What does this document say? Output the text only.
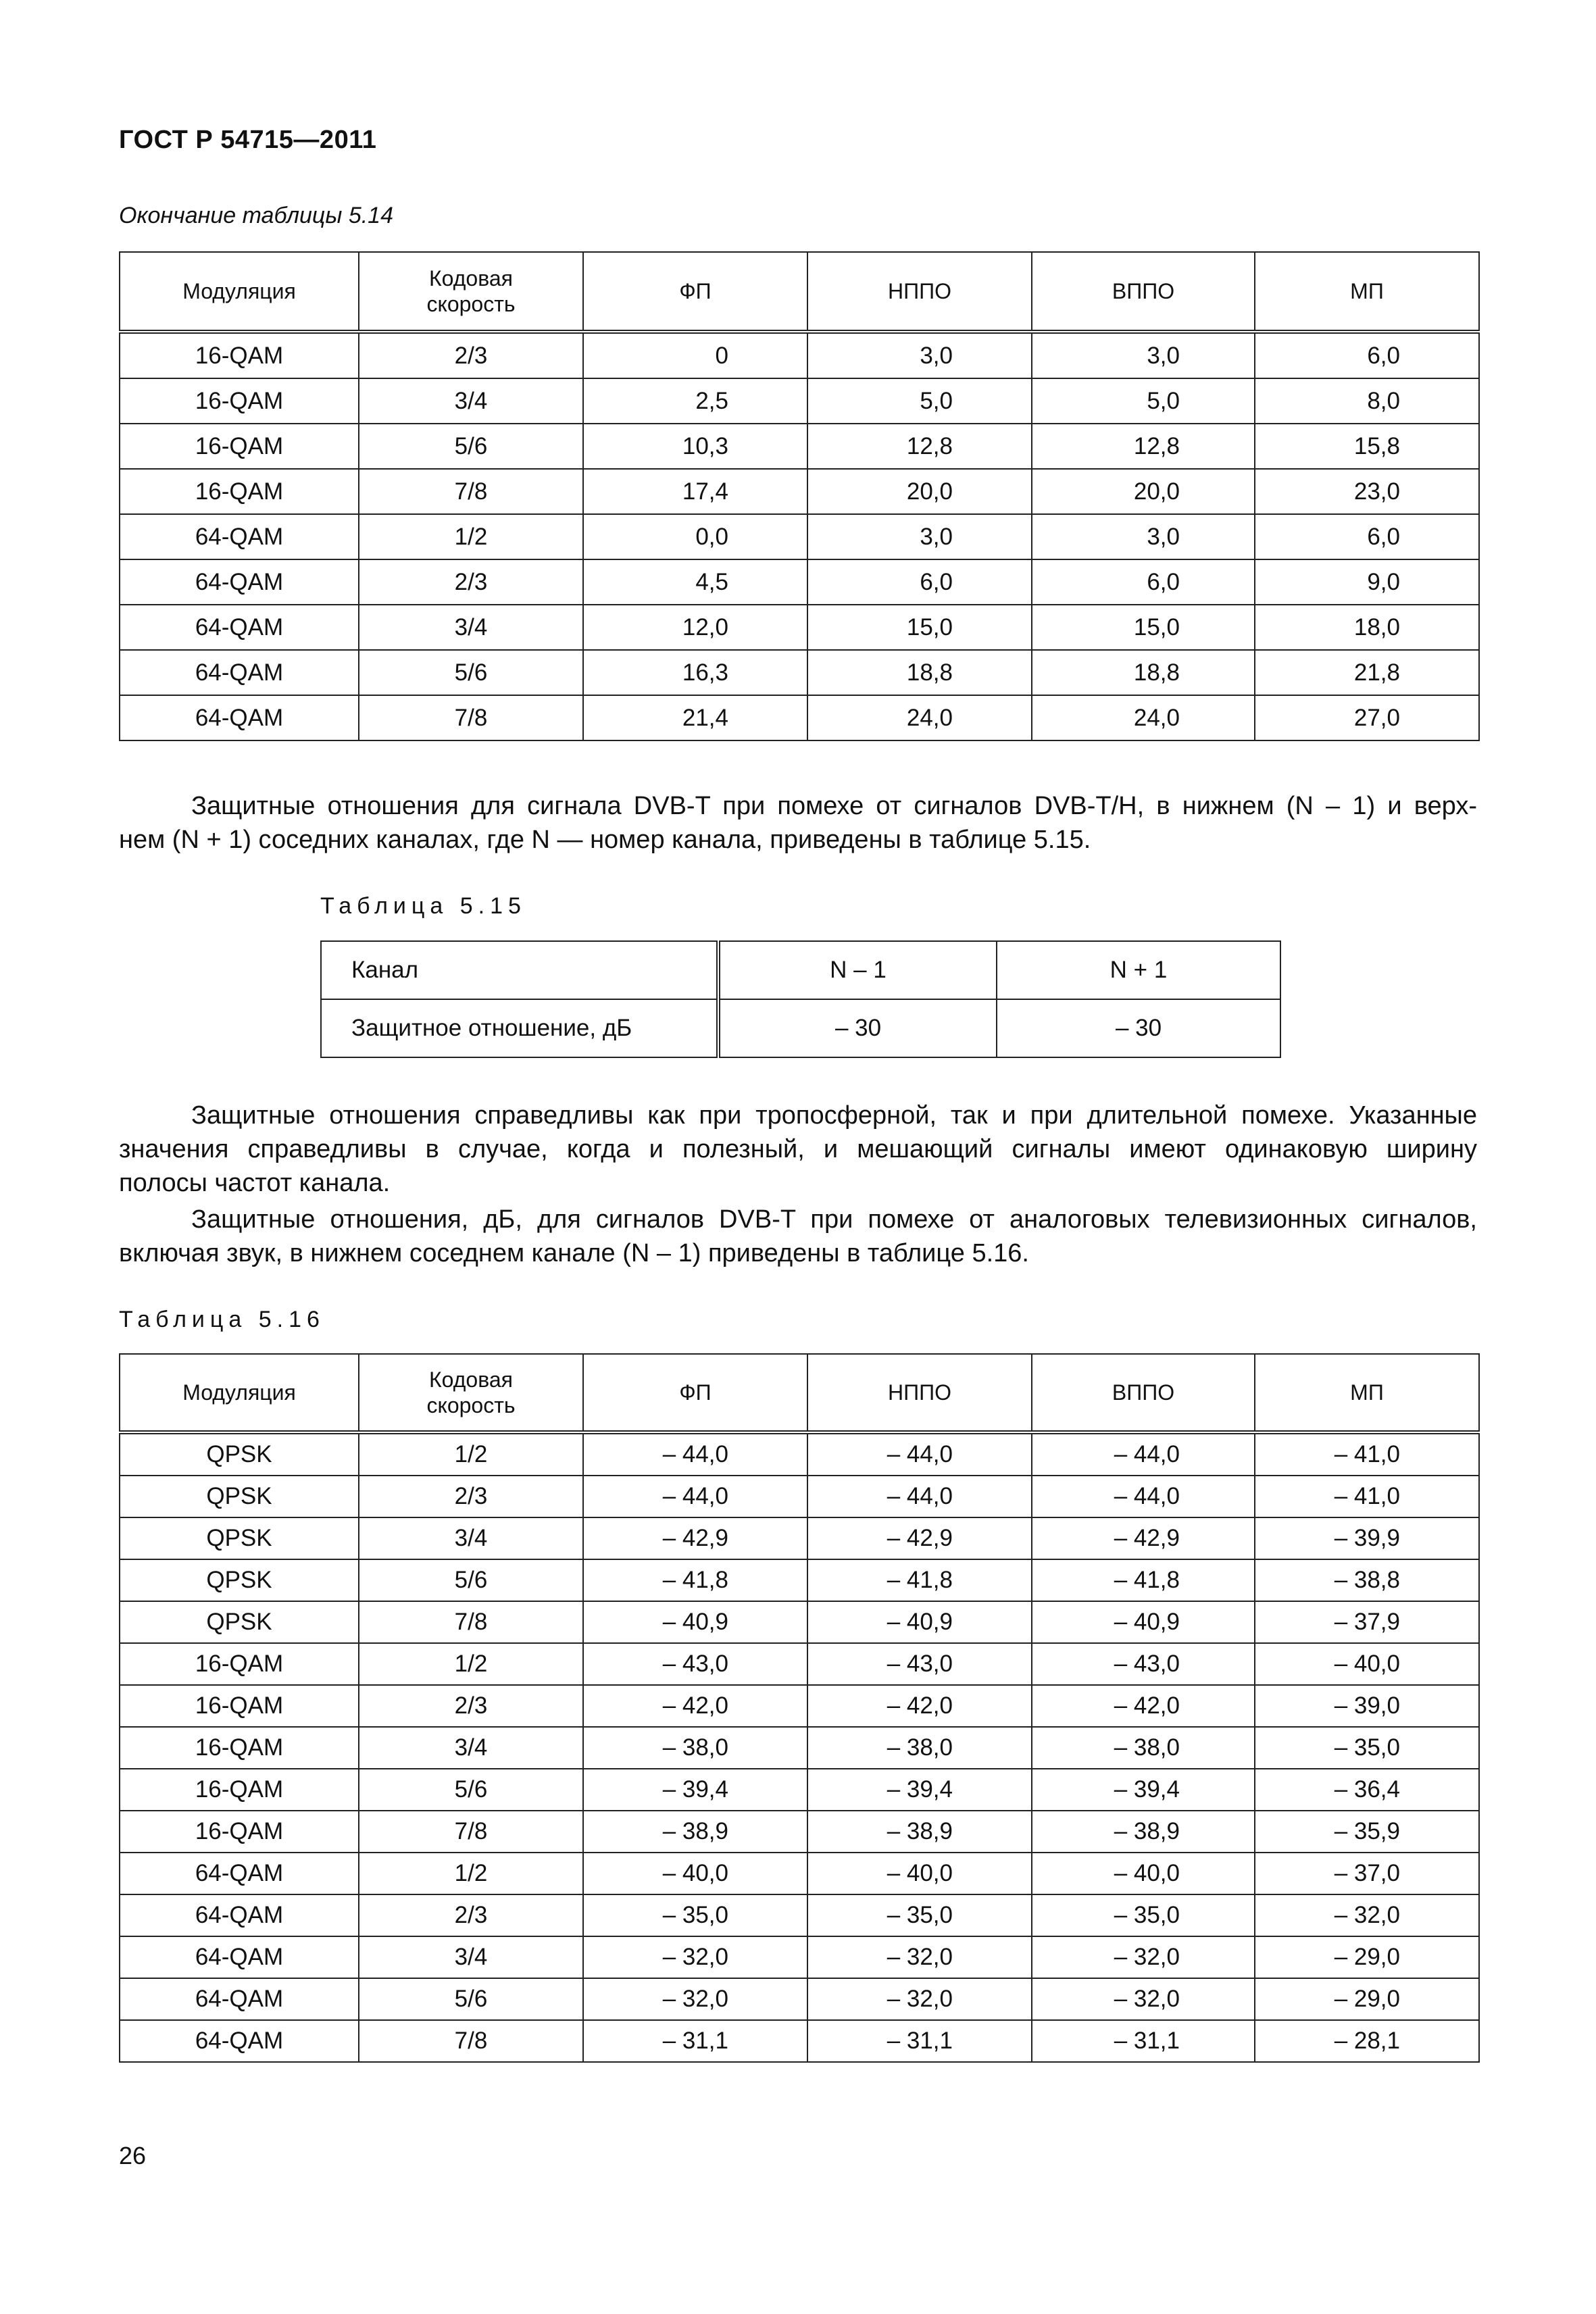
ГОСТ Р 54715—2011
Окончание таблицы 5.14
Модуляция	Кодовая скорость	ФП	НППО	ВППО	МП
16-QAM	2/3	0	3,0	3,0	6,0
16-QAM	3/4	2,5	5,0	5,0	8,0
16-QAM	5/6	10,3	12,8	12,8	15,8
16-QAM	7/8	17,4	20,0	20,0	23,0
64-QAM	1/2	0,0	3,0	3,0	6,0
64-QAM	2/3	4,5	6,0	6,0	9,0
64-QAM	3/4	12,0	15,0	15,0	18,0
64-QAM	5/6	16,3	18,8	18,8	21,8
64-QAM	7/8	21,4	24,0	24,0	27,0
Защитные отношения для сигнала DVB-T при помехе от сигналов DVB-T/H, в нижнем (N – 1) и верх-
нем (N + 1) соседних каналах, где N — номер канала, приведены в таблице 5.15.
Таблица 5.15
Канал	N – 1	N + 1
Защитное отношение, дБ	– 30	– 30
Защитные отношения справедливы как при тропосферной, так и при длительной помехе. Указанные
значения справедливы в случае, когда и полезный, и мешающий сигналы имеют одинаковую ширину
полосы частот канала.
Защитные отношения, дБ, для сигналов DVB-T при помехе от аналоговых телевизионных сигналов,
включая звук, в нижнем соседнем канале (N – 1) приведены в таблице 5.16.
Таблица 5.16
Модуляция	Кодовая скорость	ФП	НППО	ВППО	МП
QPSK	1/2	– 44,0	– 44,0	– 44,0	– 41,0
QPSK	2/3	– 44,0	– 44,0	– 44,0	– 41,0
QPSK	3/4	– 42,9	– 42,9	– 42,9	– 39,9
QPSK	5/6	– 41,8	– 41,8	– 41,8	– 38,8
QPSK	7/8	– 40,9	– 40,9	– 40,9	– 37,9
16-QAM	1/2	– 43,0	– 43,0	– 43,0	– 40,0
16-QAM	2/3	– 42,0	– 42,0	– 42,0	– 39,0
16-QAM	3/4	– 38,0	– 38,0	– 38,0	– 35,0
16-QAM	5/6	– 39,4	– 39,4	– 39,4	– 36,4
16-QAM	7/8	– 38,9	– 38,9	– 38,9	– 35,9
64-QAM	1/2	– 40,0	– 40,0	– 40,0	– 37,0
64-QAM	2/3	– 35,0	– 35,0	– 35,0	– 32,0
64-QAM	3/4	– 32,0	– 32,0	– 32,0	– 29,0
64-QAM	5/6	– 32,0	– 32,0	– 32,0	– 29,0
64-QAM	7/8	– 31,1	– 31,1	– 31,1	– 28,1
26
